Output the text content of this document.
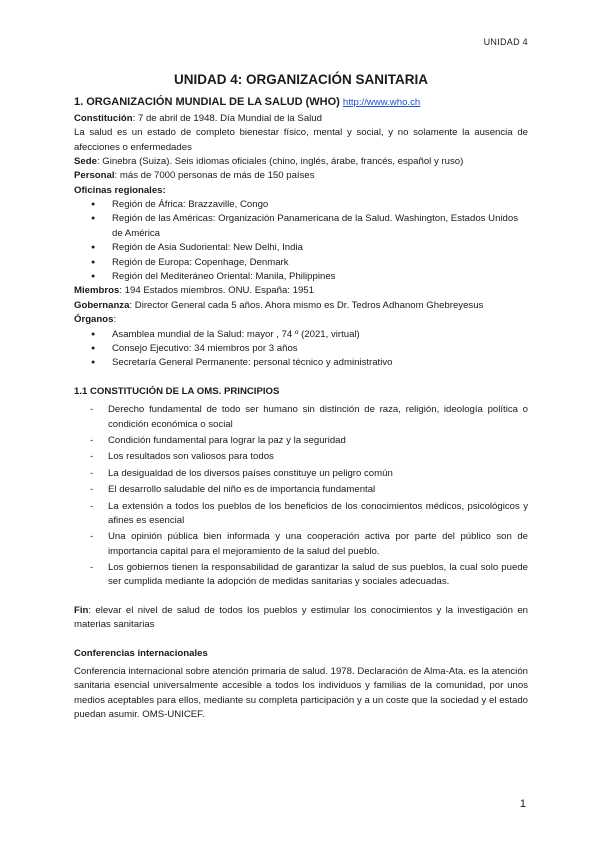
UNIDAD 4
UNIDAD 4: ORGANIZACIÓN SANITARIA
1. ORGANIZACIÓN MUNDIAL DE LA SALUD (WHO) http://www.who.ch

Constitución: 7 de abril de 1948. Día Mundial de la Salud

La salud es un estado de completo bienestar físico, mental y social, y no solamente la ausencia de afecciones o enfermedades

Sede: Ginebra (Suiza). Seis idiomas oficiales (chino, inglés, árabe, francés, español y ruso)

Personal: más de 7000 personas de más de 150 países

Oficinas regionales:

● Región de África: Brazzaville, Congo
● Región de las Américas: Organización Panamericana de la Salud. Washington, Estados Unidos de América
● Región de Asia Sudoriental: New Delhi, India
● Región de Europa: Copenhage, Denmark
● Región del Mediteráneo Oriental: Manila, Philippines

Miembros: 194 Estados miembros. ONU. España: 1951

Gobernanza: Director General cada 5 años. Ahora mismo es Dr. Tedros Adhanom Ghebreyesus

Órganos:

● Asamblea mundial de la Salud: mayor , 74 º (2021, virtual)
● Consejo Ejecutivo: 34 miembros por 3 años
● Secretaría General Permanente: personal técnico y administrativo
1.1 CONSTITUCIÓN DE LA OMS. PRINCIPIOS
- Derecho fundamental de todo ser humano sin distinción de raza, religión, ideología política o condición económica o social
- Condición fundamental para lograr la paz y la seguridad
- Los resultados son valiosos para todos
- La desigualdad de los diversos países constituye un peligro común
- El desarrollo saludable del niño es de importancia fundamental
- La extensión a todos los pueblos de los beneficios de los conocimientos médicos, psicológicos y afines es esencial
- Una opinión pública bien informada y una cooperación activa por parte del público son de importancia capital para el mejoramiento de la salud del pueblo.
- Los gobiernos tienen la responsabilidad de garantizar la salud de sus pueblos, la cual solo puede ser cumplida mediante la adopción de medidas sanitarias y sociales adecuadas.

Fin: elevar el nivel de salud de todos los pueblos y estimular los conocimientos y la investigación en materias sanitarias

Conferencias internacionales

Conferencia internacional sobre atención primaria de salud. 1978. Declaración de Alma-Ata. es la atención sanitaria esencial universalmente accesible a todos los individuos y familias de la comunidad, por unos medios aceptables para ellos, mediante su completa participación y a un coste que la sociedad y el estado puedan asumir. OMS-UNICEF.

1
